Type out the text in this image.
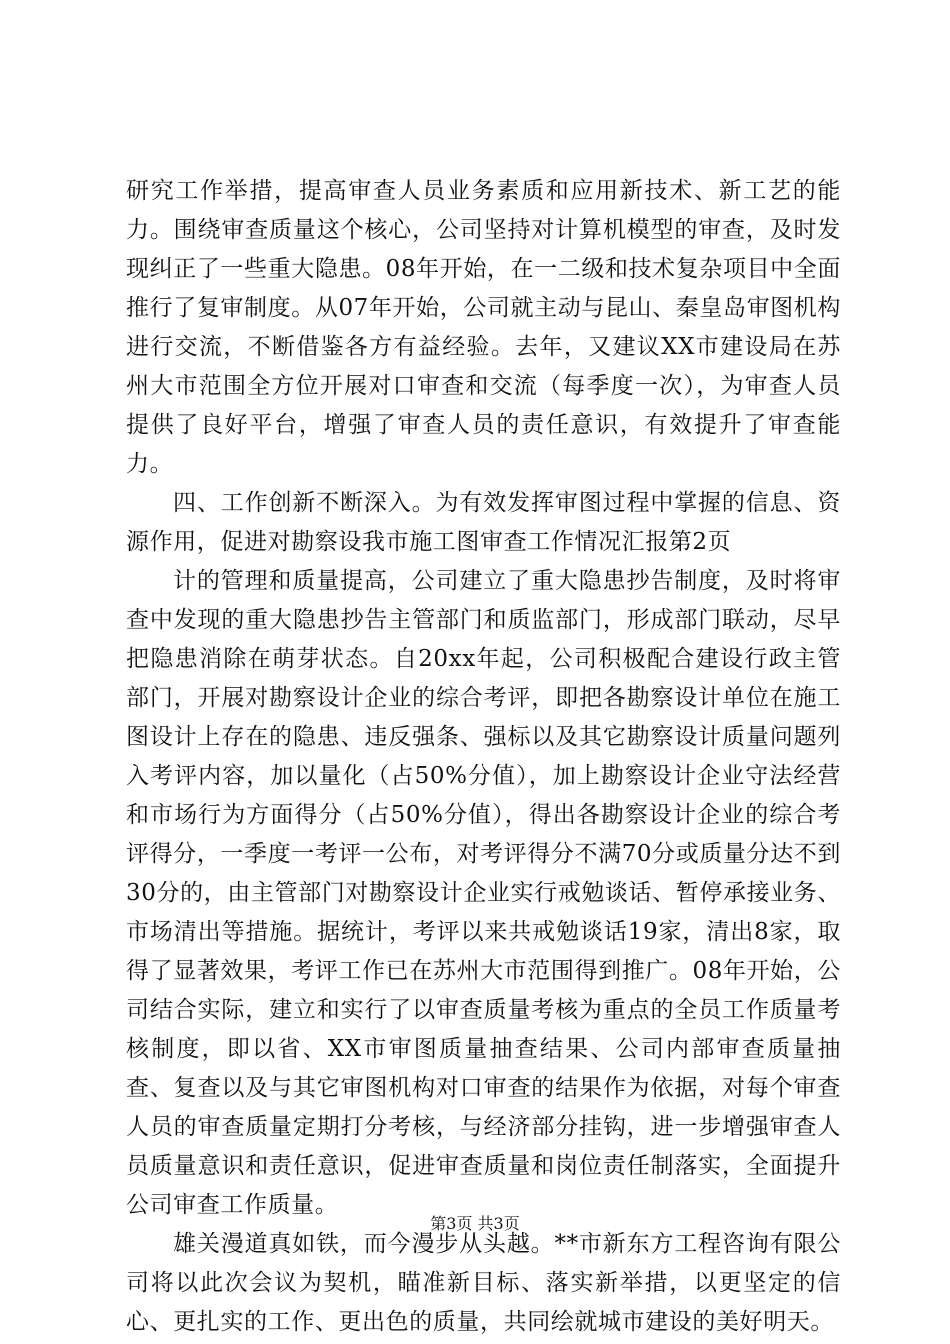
研究工作举措，提高审查人员业务素质和应用新技术、新工艺的能力。围绕审查质量这个核心，公司坚持对计算机模型的审查，及时发现纠正了一些重大隐患。08年开始，在一二级和技术复杂项目中全面推行了复审制度。从07年开始，公司就主动与昆山、秦皇岛审图机构进行交流，不断借鉴各方有益经验。去年，又建议XX市建设局在苏州大市范围全方位开展对口审查和交流（每季度一次），为审查人员提供了良好平台，增强了审查人员的责任意识，有效提升了审查能力。

四、工作创新不断深入。为有效发挥审图过程中掌握的信息、资源作用，促进对勘察设我市施工图审查工作情况汇报第2页

计的管理和质量提高，公司建立了重大隐患抄告制度，及时将审查中发现的重大隐患抄告主管部门和质监部门，形成部门联动，尽早把隐患消除在萌芽状态。自20xx年起，公司积极配合建设行政主管部门，开展对勘察设计企业的综合考评，即把各勘察设计单位在施工图设计上存在的隐患、违反强条、强标以及其它勘察设计质量问题列入考评内容，加以量化（占50%分值），加上勘察设计企业守法经营和市场行为方面得分（占50%分值），得出各勘察设计企业的综合考评得分，一季度一考评一公布，对考评得分不满70分或质量分达不到30分的，由主管部门对勘察设计企业实行戒勉谈话、暂停承接业务、市场清出等措施。据统计，考评以来共戒勉谈话19家，清出8家，取得了显著效果，考评工作已在苏州大市范围得到推广。08年开始，公司结合实际，建立和实行了以审查质量考核为重点的全员工作质量考核制度，即以省、XX市审图质量抽查结果、公司内部审查质量抽查、复查以及与其它审图机构对口审查的结果作为依据，对每个审查人员的审查质量定期打分考核，与经济部分挂钩，进一步增强审查人员质量意识和责任意识，促进审查质量和岗位责任制落实，全面提升公司审查工作质量。

雄关漫道真如铁，而今漫步从头越。**市新东方工程咨询有限公司将以此次会议为契机，瞄准新目标、落实新举措，以更坚定的信心、更扎实的工作、更出色的质量，共同绘就城市建设的美好明天。

第3页 共3页
